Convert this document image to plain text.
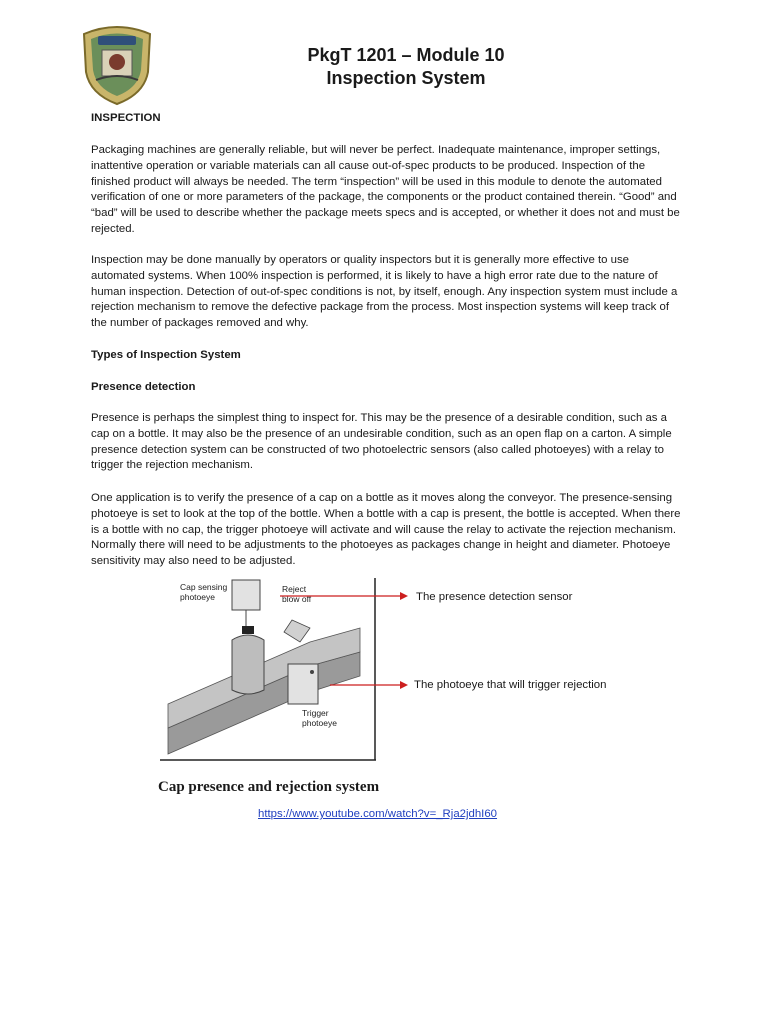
PkgT 1201 – Module 10
Inspection System
INSPECTION
Packaging machines are generally reliable, but will never be perfect. Inadequate maintenance, improper settings, inattentive operation or variable materials can all cause out-of-spec products to be produced. Inspection of the finished product will always be needed. The term “inspection” will be used in this module to denote the automated verification of one or more parameters of the package, the components or the product contained therein. “Good” and “bad” will be used to describe whether the package meets specs and is accepted, or whether it does not and must be rejected.
Inspection may be done manually by operators or quality inspectors but it is generally more effective to use automated systems. When 100% inspection is performed, it is likely to have a high error rate due to the nature of human inspection. Detection of out-of-spec conditions is not, by itself, enough. Any inspection system must include a rejection mechanism to remove the defective package from the process. Most inspection systems will keep track of the number of packages removed and why.
Types of Inspection System
Presence detection
Presence is perhaps the simplest thing to inspect for. This may be the presence of a desirable condition, such as a cap on a bottle. It may also be the presence of an undesirable condition, such as an open flap on a carton. A simple presence detection system can be constructed of two photoelectric sensors (also called photoeyes) with a relay to trigger the rejection mechanism.
One application is to verify the presence of a cap on a bottle as it moves along the conveyor. The presence-sensing photoeye is set to look at the top of the bottle. When a bottle with a cap is present, the bottle is accepted. When there is a bottle with no cap, the trigger photoeye will activate and will cause the relay to activate the rejection mechanism. Normally there will need to be adjustments to the photoeyes as packages change in height and diameter. Photoeye sensitivity may also need to be adjusted.
Cap sensing
photoeye
Reject
blow off
Trigger
photoeye
The presence detection sensor
The photoeye that will trigger rejection
Cap presence and rejection system
https://www.youtube.com/watch?v=_Rja2jdhI60
